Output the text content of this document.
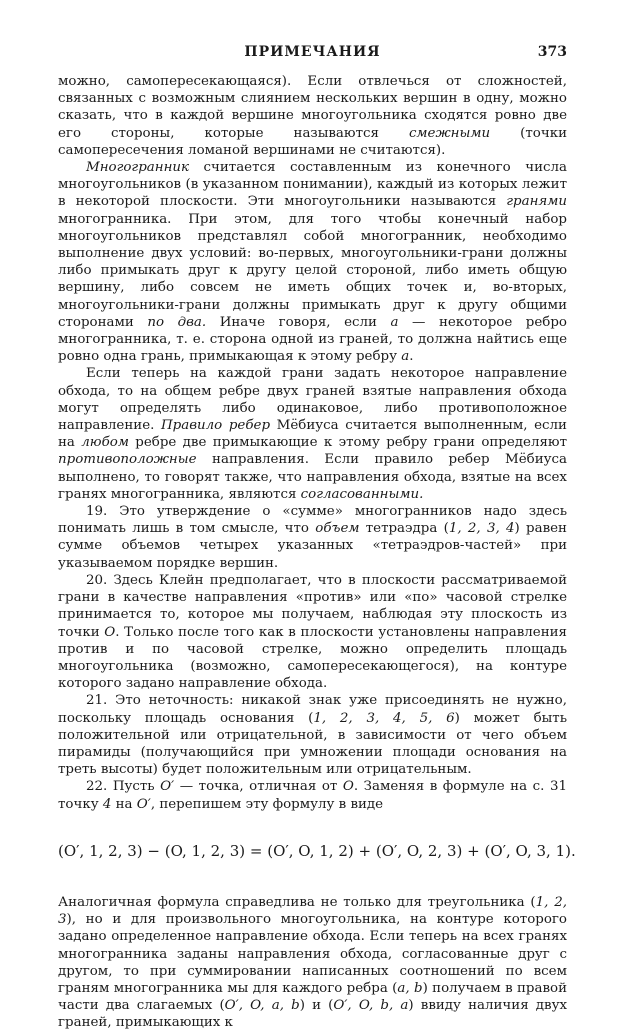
ПРИМЕЧАНИЯ	373

можно, самопересекающаяся). Если отвлечься от сложностей, связанных с возможным слиянием нескольких вершин в одну, можно сказать, что в каждой вершине многоугольника сходятся ровно две его стороны, которые называются смежными (точки самопересечения ломаной вершинами не считаются).

Многогранник считается составленным из конечного числа многоугольников (в указанном понимании), каждый из которых лежит в некоторой плоскости. Эти многоугольники называются гранями многогранника. При этом, для того чтобы конечный набор многоугольников представлял собой многогранник, необходимо выполнение двух условий: во-первых, многоугольники-грани должны либо примыкать друг к другу целой стороной, либо иметь общую вершину, либо совсем не иметь общих точек и, во-вторых, многоугольники-грани должны примыкать друг к другу общими сторонами по два. Иначе говоря, если a — некоторое ребро многогранника, т. е. сторона одной из граней, то должна найтись еще ровно одна грань, примыкающая к этому ребру a.

Если теперь на каждой грани задать некоторое направление обхода, то на общем ребре двух граней взятые направления обхода могут определять либо одинаковое, либо противоположное направление. Правило ребер Мёбиуса считается выполненным, если на любом ребре две примыкающие к этому ребру грани определяют противоположные направления. Если правило ребер Мёбиуса выполнено, то говорят также, что направления обхода, взятые на всех гранях многогранника, являются согласованными.

19. Это утверждение о «сумме» многогранников надо здесь понимать лишь в том смысле, что объем тетраэдра (1, 2, 3, 4) равен сумме объемов четырех указанных «тетраэдров-частей» при указываемом порядке вершин.

20. Здесь Клейн предполагает, что в плоскости рассматриваемой грани в качестве направления «против» или «по» часовой стрелке принимается то, которое мы получаем, наблюдая эту плоскость из точки O. Только после того как в плоскости установлены направления против и по часовой стрелке, можно определить площадь многоугольника (возможно, самопересекающегося), на контуре которого задано направление обхода.

21. Это неточность: никакой знак уже присоединять не нужно, поскольку площадь основания (1, 2, 3, 4, 5, 6) может быть положительной или отрицательной, в зависимости от чего объем пирамиды (получающийся при умножении площади основания на треть высоты) будет положительным или отрицательным.

22. Пусть O′ — точка, отличная от O. Заменяя в формуле на с. 31 точку 4 на O′, перепишем эту формулу в виде

(O′, 1, 2, 3) − (O, 1, 2, 3) = (O′, O, 1, 2) + (O′, O, 2, 3) + (O′, O, 3, 1).

Аналогичная формула справедлива не только для треугольника (1, 2, 3), но и для произвольного многоугольника, на контуре которого задано определенное направление обхода. Если теперь на всех гранях многогранника заданы направления обхода, согласованные друг с другом, то при суммировании написанных соотношений по всем граням многогранника мы для каждого ребра (a, b) получаем в правой части два слагаемых (O′, O, a, b) и (O′, O, b, a) ввиду наличия двух граней, примыкающих к
